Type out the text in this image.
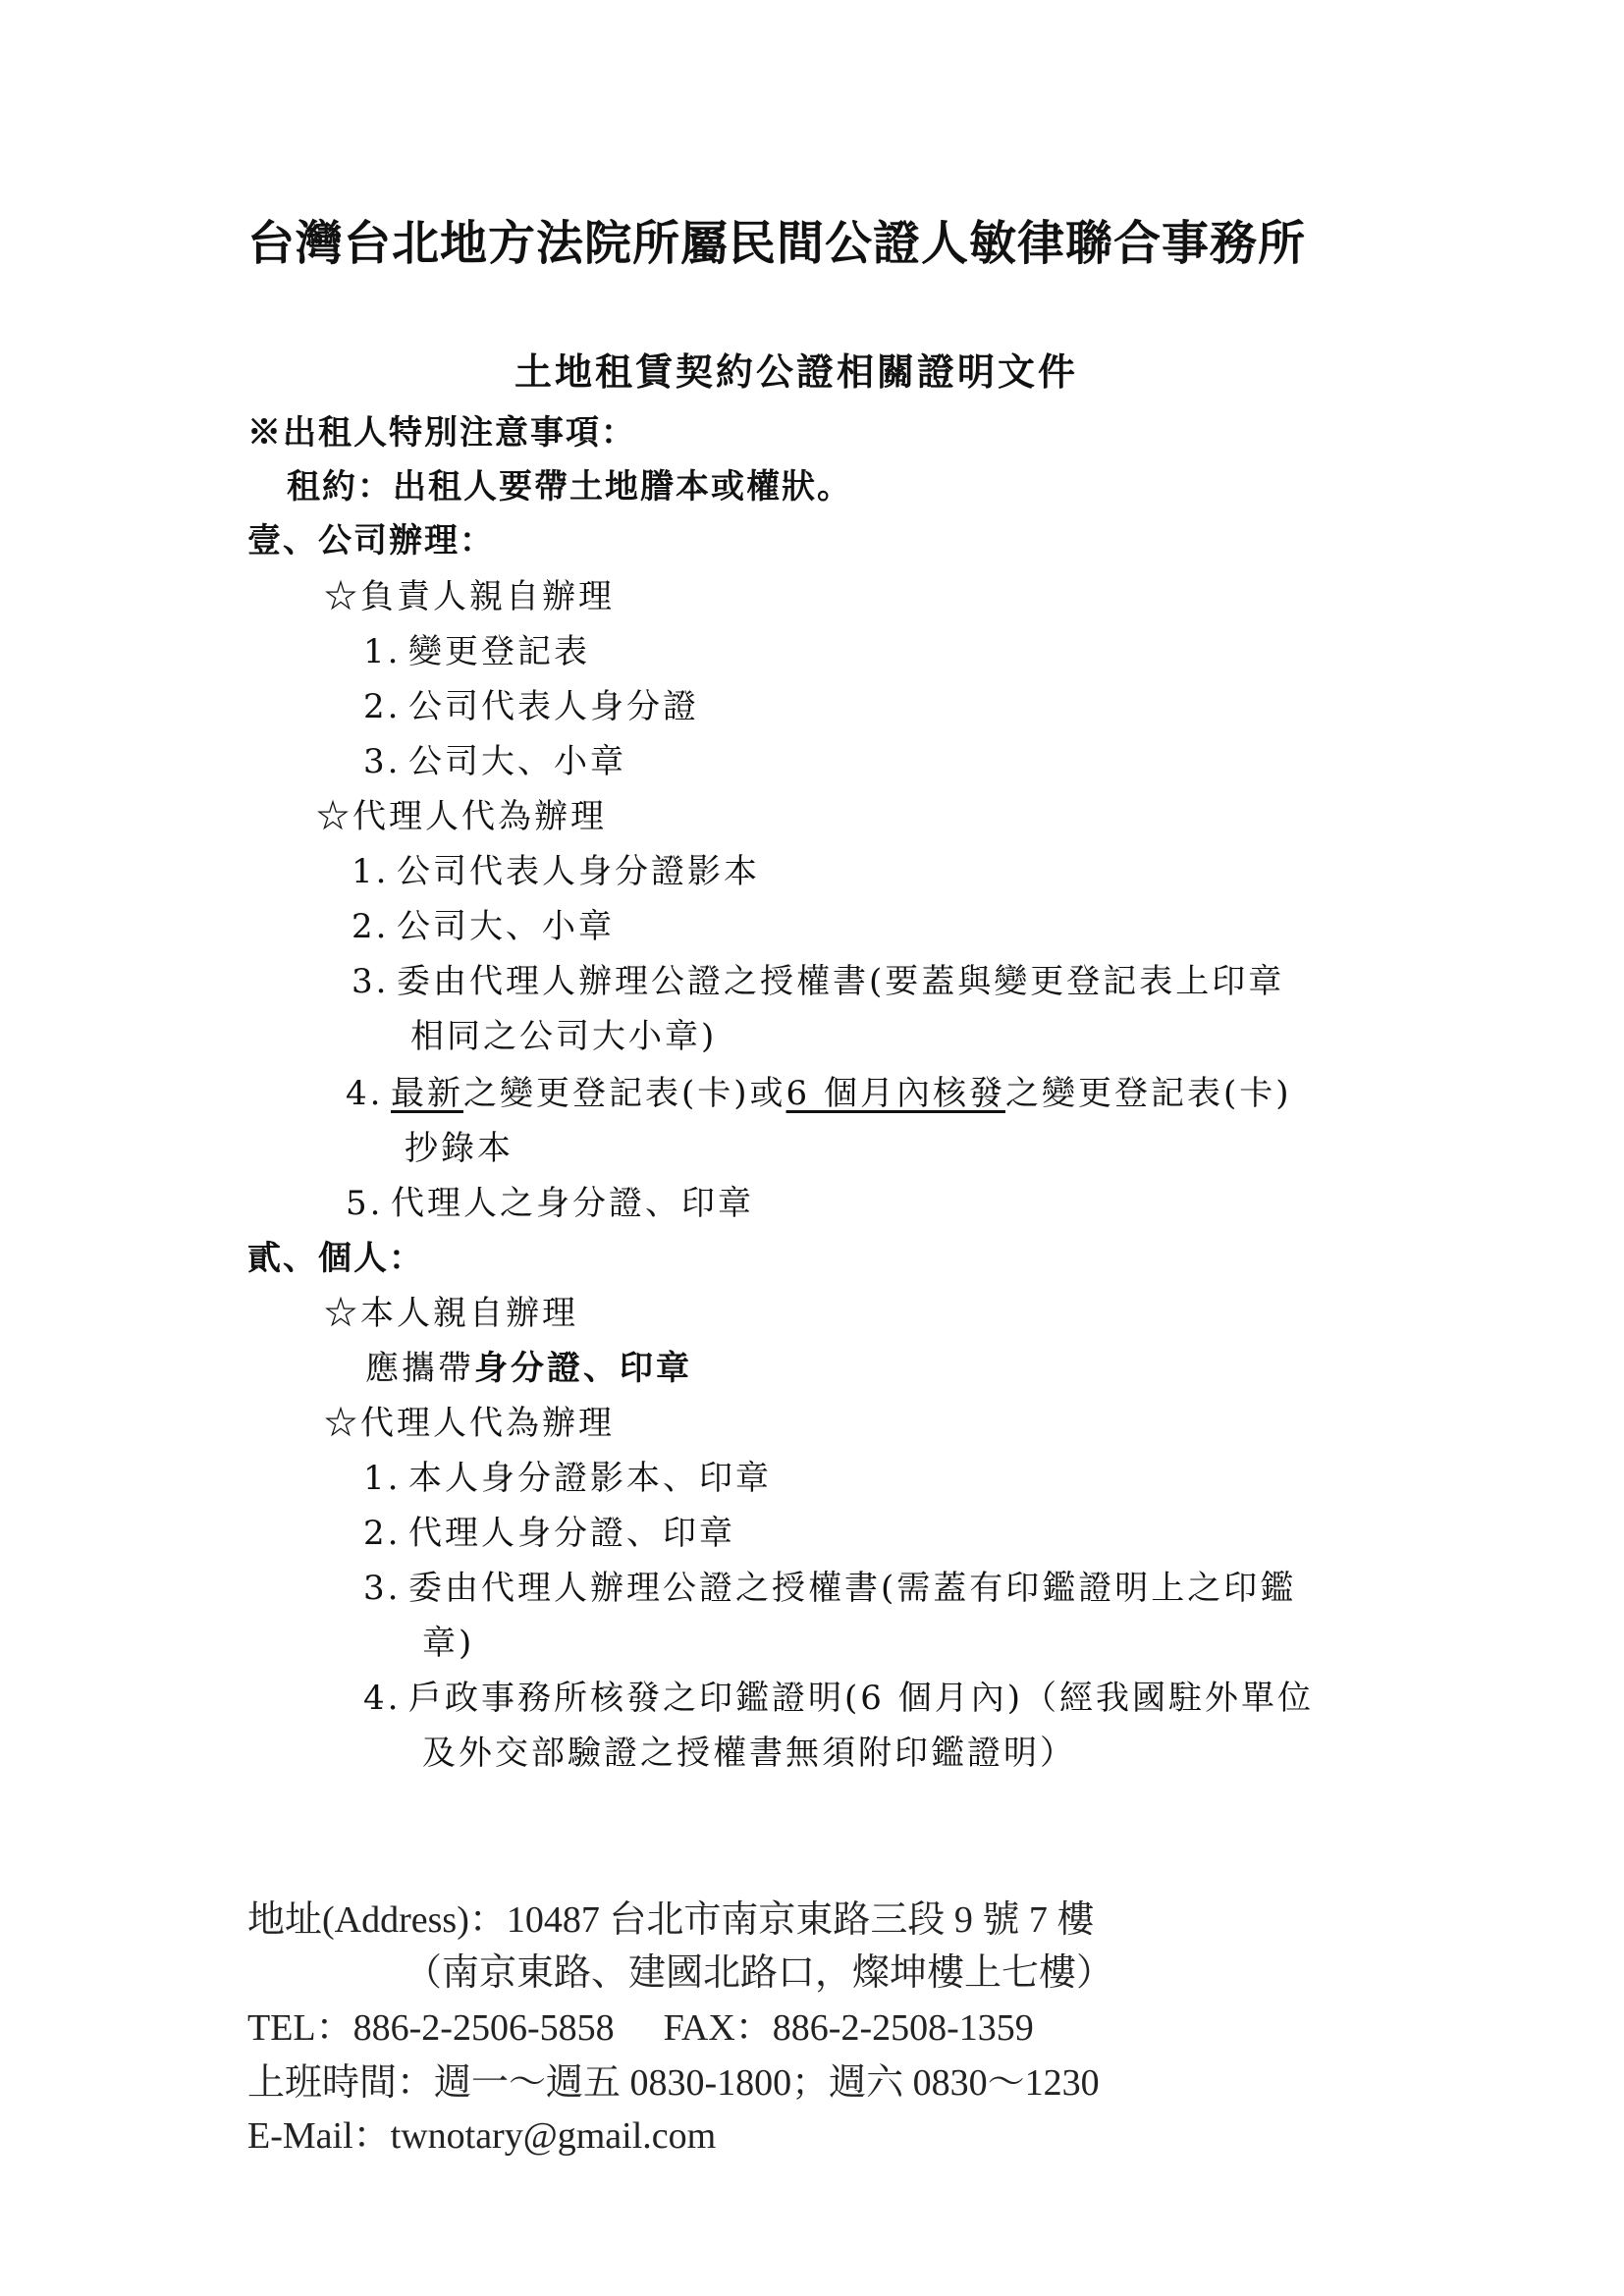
台灣台北地方法院所屬民間公證人敏律聯合事務所
土地租賃契約公證相關證明文件
※出租人特別注意事項：
租約：出租人要帶土地謄本或權狀。
壹、公司辦理：
☆負責人親自辦理
1. 變更登記表
2. 公司代表人身分證
3. 公司大、小章
☆代理人代為辦理
1. 公司代表人身分證影本
2. 公司大、小章
3. 委由代理人辦理公證之授權書(要蓋與變更登記表上印章
相同之公司大小章)
4. 最新之變更登記表(卡)或6 個月內核發之變更登記表(卡)
抄錄本
5. 代理人之身分證、印章
貳、個人：
☆本人親自辦理
應攜帶身分證、印章
☆代理人代為辦理
1. 本人身分證影本、印章
2. 代理人身分證、印章
3. 委由代理人辦理公證之授權書(需蓋有印鑑證明上之印鑑
章)
4. 戶政事務所核發之印鑑證明(6 個月內)（經我國駐外單位
及外交部驗證之授權書無須附印鑑證明）
地址(Address)：10487 台北市南京東路三段 9 號 7 樓
（南京東路、建國北路口，燦坤樓上七樓）
TEL：886-2-2506-5858 FAX：886-2-2508-1359
上班時間：週一～週五 0830-1800；週六 0830～1230
E-Mail：twnotary@gmail.com
